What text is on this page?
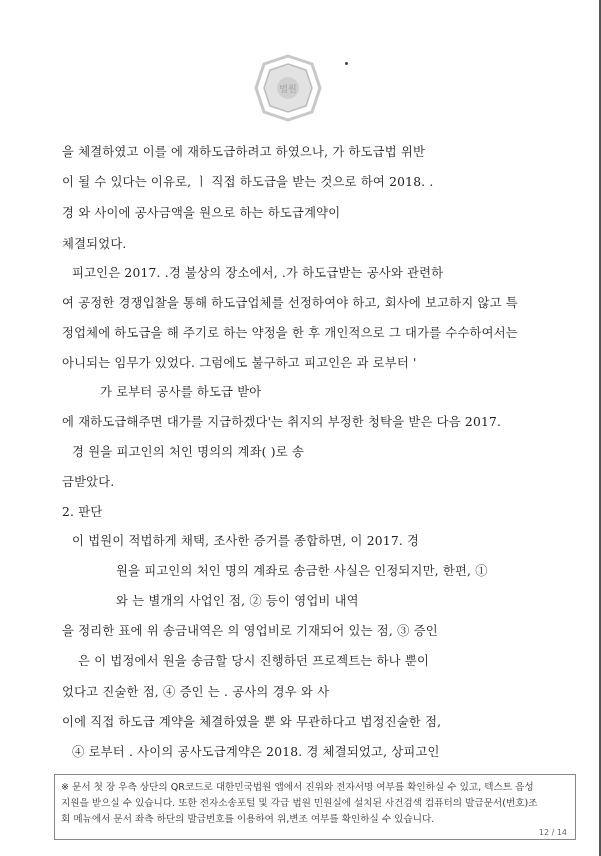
법원
을 체결하였고 이를 에 재하도급하려고 하였으나, 가 하도급법 위반
이 될 수 있다는 이유로, ㅣ 직접 하도급을 받는 것으로 하여 2018. .
경 와 사이에 공사금액을 원으로 하는 하도급계약이
체결되었다.
피고인은 2017. .경 불상의 장소에서, .가 하도급받는 공사와 관련하
여 공정한 경쟁입찰을 통해 하도급업체를 선정하여야 하고, 회사에 보고하지 않고 특
정업체에 하도급을 해 주기로 하는 약정을 한 후 개인적으로 그 대가를 수수하여서는
아니되는 임무가 있었다. 그럼에도 불구하고 피고인은 과 로부터 '
가 로부터 공사를 하도급 받아
에 재하도급해주면 대가를 지급하겠다'는 취지의 부정한 청탁을 받은 다음 2017.
경 원을 피고인의 처인 명의의 계좌( )로 송
금받았다.
2. 판단
이 법원이 적법하게 채택, 조사한 증거를 종합하면, 이 2017. 경
원을 피고인의 처인 명의 계좌로 송금한 사실은 인정되지만, 한편, ①
와 는 별개의 사업인 점, ② 등이 영업비 내역
을 정리한 표에 위 송금내역은 의 영업비로 기재되어 있는 점, ③ 증인
은 이 법정에서 원을 송금할 당시 진행하던 프로젝트는 하나 뿐이
었다고 진술한 점, ④ 증인 는 . 공사의 경우 와 사
이에 직접 하도급 계약을 체결하였을 뿐 와 무관하다고 법정진술한 점,
④ 로부터 . 사이의 공사도급계약은 2018. 경 체결되었고, 상피고인
※ 문서 첫 장 우측 상단의 QR코드로 대한민국법원 앱에서 진위와 전자서명 여부를 확인하실 수 있고, 텍스트 음성
지원을 받으실 수 있습니다. 또한 전자소송포털 및 각급 법원 민원실에 설치된 사건검색 컴퓨터의 발급문서(번호)조
회 메뉴에서 문서 좌측 하단의 발급번호를 이용하여 위,변조 여부를 확인하실 수 있습니다.
12 / 14
